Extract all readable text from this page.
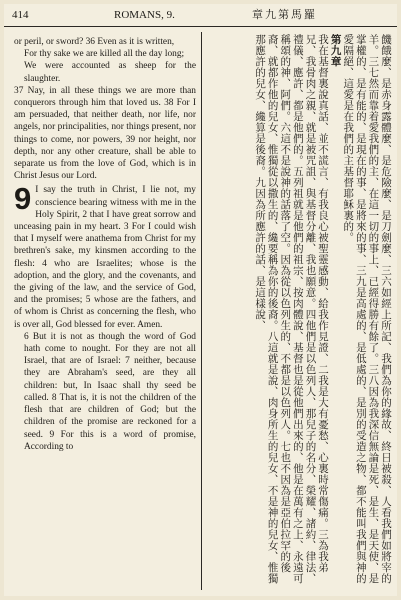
414	ROMANS, 9.	章九第馬羅

or peril, or sword? 36 Even as it is written,

For thy sake we are killed all the day long;

We were accounted as sheep for the slaughter.

37 Nay, in all these things we are more than conquerors through him that loved us. 38 For I am persuaded, that neither death, nor life, nor angels, nor principalities, nor things present, nor things to come, nor powers, 39 nor height, nor depth, nor any other creature, shall be able to separate us from the love of God, which is in Christ Jesus our Lord.

9 I say the truth in Christ, I lie not, my conscience bearing witness with me in the Holy Spirit, 2 that I have great sorrow and unceasing pain in my heart. 3 For I could wish that I myself were anathema from Christ for my brethren's sake, my kinsmen according to the flesh: 4 who are Israelites; whose is the adoption, and the glory, and the covenants, and the giving of the law, and the service of God, and the promises; 5 whose are the fathers, and of whom is Christ as concerning the flesh, who is over all, God blessed for ever. Amen.

6 But it is not as though the word of God hath come to nought. For they are not all Israel, that are of Israel: 7 neither, because they are Abraham's seed, are they all children: but, In Isaac shall thy seed be called. 8 That is, it is not the children of the flesh that are children of God; but the children of the promise are reckoned for a seed. 9 For this is a word of promise, According to	饑餓麼、是赤身露體麼、是危險麼、是刀劍麼、三六如經上所記、我們為你的緣故、終日被殺、人看我們如將宰的羊。三七然而靠着愛我們的主、在這一切的事上、已經得勝有餘了。三八因為我深信無論是死、是生、是天使、是掌權的、是有能的、是現在的事、是將來的事、三九是高處的、是低處的、是別的受造之物、都不能叫我們與神的愛隔絕、這愛是在我們的主基督耶穌裏的。

第九章

我在基督裏說真話、並不謊言、有我良心被聖靈感動、給我作見證、二我是大有憂愁、心裏時常傷痛。三為我弟兄、我骨肉之親、就是被咒詛、與基督分離、我也願意。四他們是以色列人、那兒子的名分、榮耀、諸約、律法、禮儀、應許、都是他們的。五列祖就是他們的祖宗、按肉體說、基督也是從他們出來的、他是在萬有之上、永遠可稱頌的神、阿們。六這不是說神的話落了空。因為從以色列生的、不都是以色列人。七也不因為是亞伯拉罕的後裔、就都作他的兒女、惟獨從以撒生的、纔要稱為你的後裔。八這就是說、肉身所生的兒女、不是神的兒女、惟獨那應許的兒女、纔算是後裔。九因為所應許的話、是這樣說、
